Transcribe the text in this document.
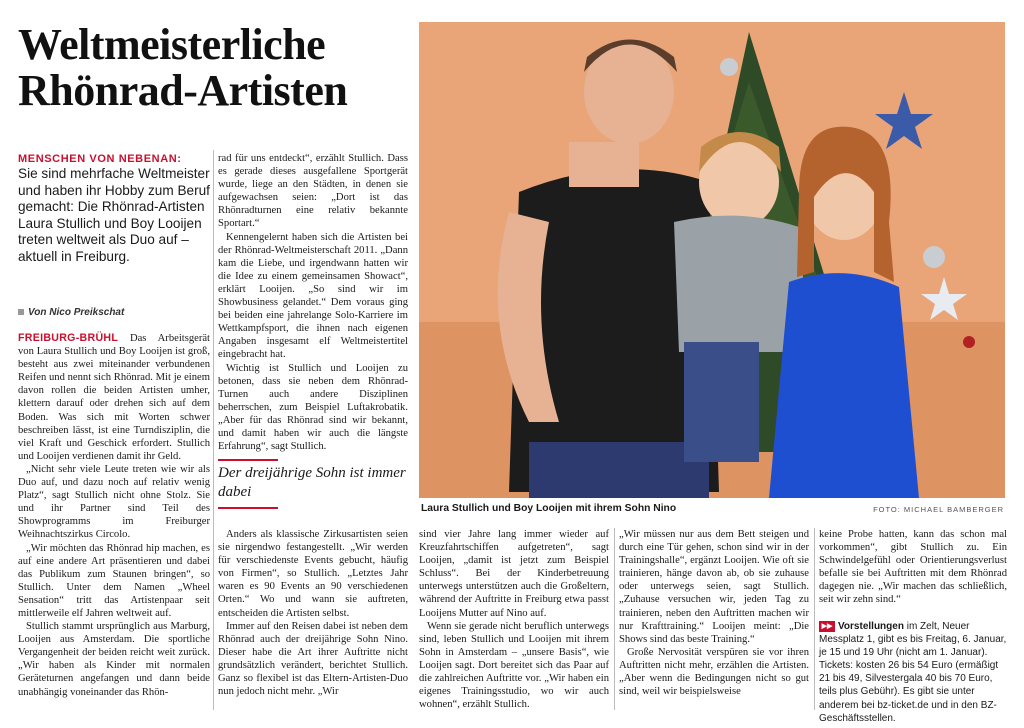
Weltmeisterliche
Rhönrad-Artisten
MENSCHEN VON NEBENAN:
Sie sind mehrfache Weltmeister und haben ihr Hobby zum Beruf gemacht: Die Rhönrad-Artisten Laura Stullich und Boy Looijen treten weltweit als Duo auf – aktuell in Freiburg.
Von Nico Preikschat

FREIBURG-BRÜHL Das Arbeitsgerät von Laura Stullich und Boy Looijen ist groß, besteht aus zwei miteinander verbundenen Reifen und nennt sich Rhönrad. Mit je einem davon rollen die beiden Artisten umher, klettern darauf oder drehen sich auf dem Boden. Was sich mit Worten schwer beschreiben lässt, ist eine Turndisziplin, die viel Kraft und Geschick erfordert. Stullich und Looijen verdienen damit ihr Geld.

„Nicht sehr viele Leute treten wie wir als Duo auf, und dazu noch auf relativ wenig Platz“, sagt Stullich nicht ohne Stolz. Sie und ihr Partner sind Teil des Showprogramms im Freiburger Weihnachtszirkus Circolo.

„Wir möchten das Rhönrad hip machen, es auf eine andere Art präsentieren und dabei das Publikum zum Staunen bringen“, so Stullich. Unter dem Namen „Wheel Sensation“ tritt das Artistenpaar seit mittlerweile elf Jahren weltweit auf.

Stullich stammt ursprünglich aus Marburg, Looijen aus Amsterdam. Die sportliche Vergangenheit der beiden reicht weit zurück. „Wir haben als Kinder mit normalen Geräteturnen angefangen und dann beide unabhängig voneinander das Rhön-

rad für uns entdeckt“, erzählt Stullich. Dass es gerade dieses ausgefallene Sportgerät wurde, liege an den Städten, in denen sie aufgewachsen seien: „Dort ist das Rhönradturnen eine relativ bekannte Sportart.“

Kennengelernt haben sich die Artisten bei der Rhönrad-Weltmeisterschaft 2011. „Dann kam die Liebe, und irgendwann hatten wir die Idee zu einem gemeinsamen Showact“, erklärt Looijen. „So sind wir im Showbusiness gelandet.“ Dem voraus ging bei beiden eine jahrelange Solo-Karriere im Wettkampfsport, die ihnen nach eigenen Angaben insgesamt elf Weltmeistertitel eingebracht hat.

Wichtig ist Stullich und Looijen zu betonen, dass sie neben dem Rhönrad-Turnen auch andere Disziplinen beherrschen, zum Beispiel Luftakrobatik. „Aber für das Rhönrad sind wir bekannt, und damit haben wir auch die längste Erfahrung“, sagt Stullich.

Der dreijährige Sohn ist immer dabei

Anders als klassische Zirkusartisten seien sie nirgendwo festangestellt. „Wir werden für verschiedenste Events gebucht, häufig von Firmen“, so Stullich. „Letztes Jahr waren es 90 Events an 90 verschiedenen Orten.“ Wo und wann sie auftreten, entscheiden die Artisten selbst.

Immer auf den Reisen dabei ist neben dem Rhönrad auch der dreijährige Sohn Nino. Dieser habe die Art ihrer Auftritte nicht grundsätzlich verändert, berichtet Stullich. Ganz so flexibel ist das Eltern-Artisten-Duo nun jedoch nicht mehr. „Wir

Laura Stullich und Boy Looijen mit ihrem Sohn Nino	FOTO: MICHAEL BAMBERGER

sind vier Jahre lang immer wieder auf Kreuzfahrtschiffen aufgetreten“, sagt Looijen, „damit ist jetzt zum Beispiel Schluss“. Bei der Kinderbetreuung unterwegs unterstützen auch die Großeltern, während der Auftritte in Freiburg etwa passt Looijens Mutter auf Nino auf.

Wenn sie gerade nicht beruflich unterwegs sind, leben Stullich und Looijen mit ihrem Sohn in Amsterdam – „unsere Basis“, wie Looijen sagt. Dort bereitet sich das Paar auf die zahlreichen Auftritte vor. „Wir haben ein eigenes Trainingsstudio, wo wir auch wohnen“, erzählt Stullich.

„Wir müssen nur aus dem Bett steigen und durch eine Tür gehen, schon sind wir in der Trainingshalle“, ergänzt Looijen. Wie oft sie trainieren, hänge davon ab, ob sie zuhause oder unterwegs seien, sagt Stullich. „Zuhause versuchen wir, jeden Tag zu trainieren, neben den Auftritten machen wir nur Krafttraining.“ Looijen meint: „Die Shows sind das beste Training.“

Große Nervosität verspüren sie vor ihren Auftritten nicht mehr, erzählen die Artisten. „Aber wenn die Bedingungen nicht so gut sind, weil wir beispielsweise

keine Probe hatten, kann das schon mal vorkommen“, gibt Stullich zu. Ein Schwindelgefühl oder Orientierungsverlust befalle sie bei Auftritten mit dem Rhönrad dagegen nie. „Wir machen das schließlich, seit wir zehn sind.“

▶▶ Vorstellungen im Zelt, Neuer Messplatz 1, gibt es bis Freitag, 6. Januar, je 15 und 19 Uhr (nicht am 1. Januar). Tickets: kosten 26 bis 54 Euro (ermäßigt 21 bis 49, Silvestergala 40 bis 70 Euro, teils plus Gebühr). Es gibt sie unter anderem bei bz-ticket.de und in den BZ-Geschäftsstellen.
